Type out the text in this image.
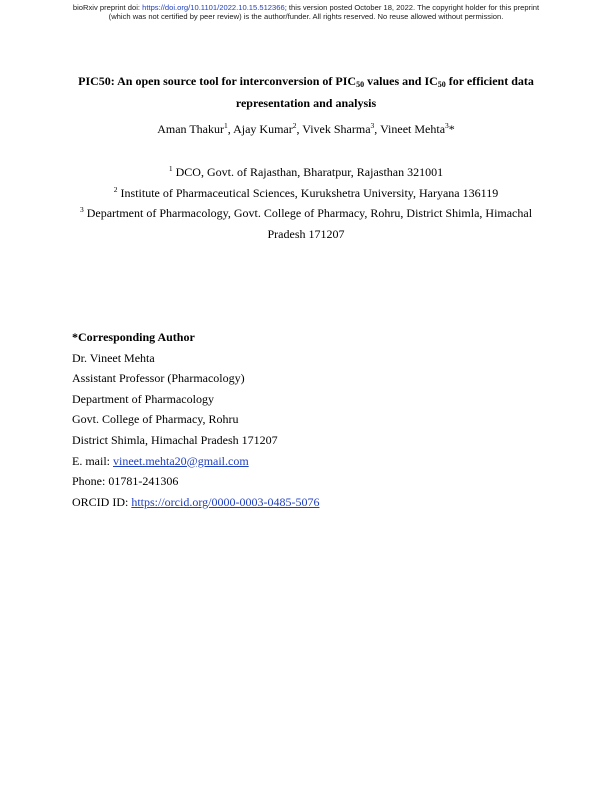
bioRxiv preprint doi: https://doi.org/10.1101/2022.10.15.512366; this version posted October 18, 2022. The copyright holder for this preprint
(which was not certified by peer review) is the author/funder. All rights reserved. No reuse allowed without permission.
PIC50: An open source tool for interconversion of $PIC_{50}$ values and $IC_{50}$ for efficient data representation and analysis
Aman Thakur$^1$, Ajay Kumar$^2$, Vivek Sharma$^3$, Vineet Mehta$^3$*
$^1$ DCO, Govt. of Rajasthan, Bharatpur, Rajasthan 321001
$^2$ Institute of Pharmaceutical Sciences, Kurukshetra University, Haryana 136119
$^3$ Department of Pharmacology, Govt. College of Pharmacy, Rohru, District Shimla, Himachal Pradesh 171207
*Corresponding Author
Dr. Vineet Mehta
Assistant Professor (Pharmacology)
Department of Pharmacology
Govt. College of Pharmacy, Rohru
District Shimla, Himachal Pradesh 171207
E. mail: vineet.mehta20@gmail.com
Phone: 01781-241306
ORCID ID: https://orcid.org/0000-0003-0485-5076
